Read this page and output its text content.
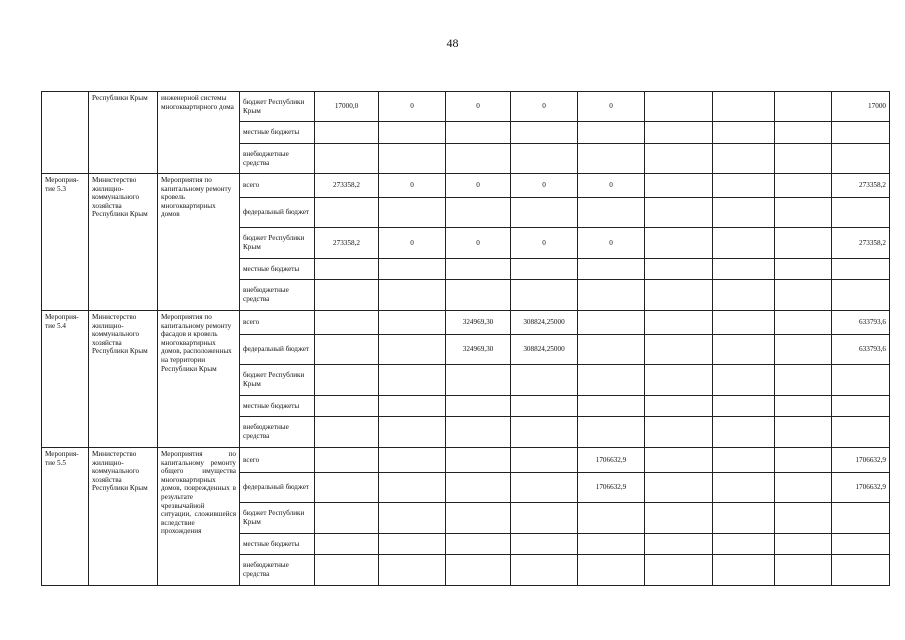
48
	Республики Крым	инженерной системы многоквартирного дома	бюджет Республики Крым	17000,0	0	0	0	0				17000
			местные бюджеты									
			внебюджетные средства									
Мероприя-тие 5.3	Министерство жилищно-коммунального хозяйства Республики Крым	Мероприятия по капитальному ремонту кровель многоквартирных домов	всего	273358,2	0	0	0	0				273358,2
			федеральный бюджет									
			бюджет Республики Крым	273358,2	0	0	0	0				273358,2
			местные бюджеты									
			внебюджетные средства									
Мероприя-тие 5.4	Министерство жилищно-коммунального хозяйства Республики Крым	Мероприятия по капитальному ремонту фасадов и кровель многоквартирных домов, расположенных на территории Республики Крым	всего			324969,30	308824,25000					633793,6
			федеральный бюджет			324969,30	308824,25000					633793,6
			бюджет Республики Крым									
			местные бюджеты									
			внебюджетные средства									
Мероприя-тие 5.5	Министерство жилищно-коммунального хозяйства Республики Крым	Мероприятия по капитальному ремонту общего имущества многоквартирных домов, поврежденных в результате чрезвычайной ситуации, сложившейся вследствие прохождения	всего					1706632,9				1706632,9
			федеральный бюджет					1706632,9				1706632,9
			бюджет Республики Крым									
			местные бюджеты									
			внебюджетные средства									
